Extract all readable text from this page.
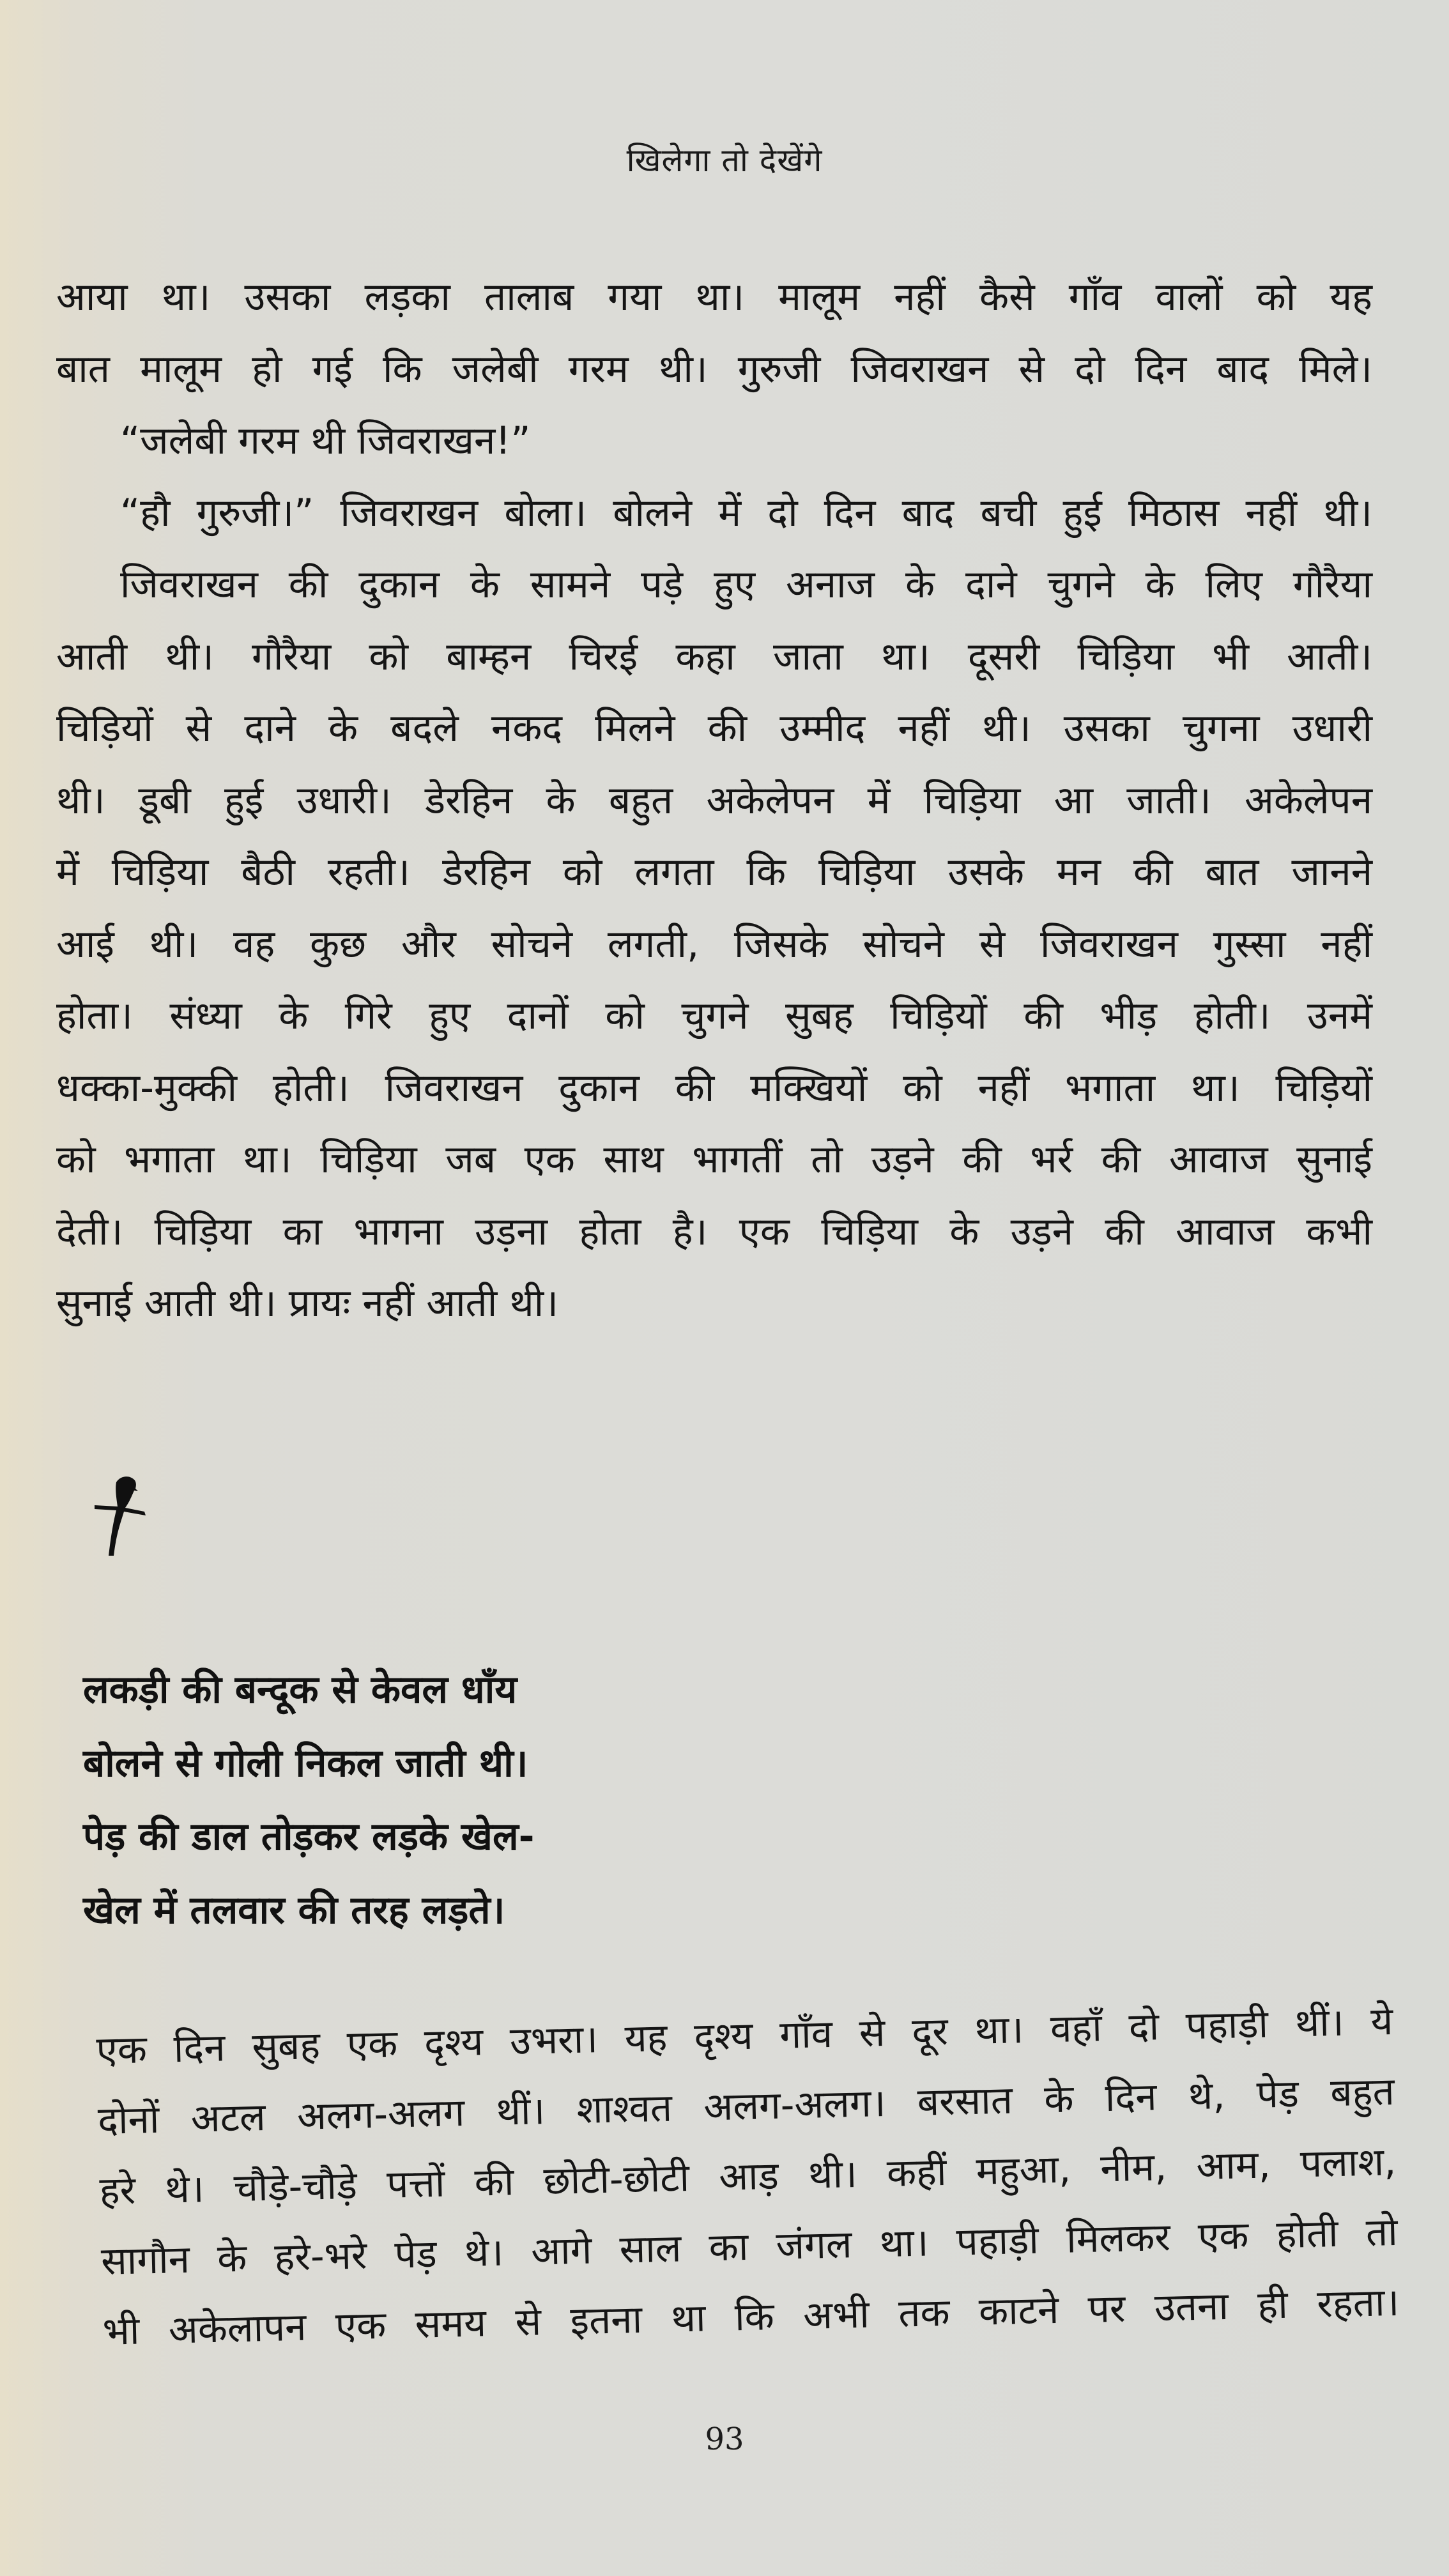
खिलेगा तो देखेंगे
आया था। उसका लड़का तालाब गया था। मालूम नहीं कैसे गाँव वालों को यह
बात मालूम हो गई कि जलेबी गरम थी। गुरुजी जिवराखन से दो दिन बाद मिले।
“जलेबी गरम थी जिवराखन!”
“हौ गुरुजी।” जिवराखन बोला। बोलने में दो दिन बाद बची हुई मिठास नहीं थी।
जिवराखन की दुकान के सामने पड़े हुए अनाज के दाने चुगने के लिए गौरैया
आती थी। गौरैया को बाम्हन चिरई कहा जाता था। दूसरी चिड़िया भी आती।
चिड़ियों से दाने के बदले नकद मिलने की उम्मीद नहीं थी। उसका चुगना उधारी
थी। डूबी हुई उधारी। डेरहिन के बहुत अकेलेपन में चिड़िया आ जाती। अकेलेपन
में चिड़िया बैठी रहती। डेरहिन को लगता कि चिड़िया उसके मन की बात जानने
आई थी। वह कुछ और सोचने लगती, जिसके सोचने से जिवराखन गुस्सा नहीं
होता। संध्या के गिरे हुए दानों को चुगने सुबह चिड़ियों की भीड़ होती। उनमें
धक्का-मुक्की होती। जिवराखन दुकान की मक्खियों को नहीं भगाता था। चिड़ियों
को भगाता था। चिड़िया जब एक साथ भागतीं तो उड़ने की भर्र की आवाज सुनाई
देती। चिड़िया का भागना उड़ना होता है। एक चिड़िया के उड़ने की आवाज कभी
सुनाई आती थी। प्रायः नहीं आती थी।
लकड़ी की बन्दूक से केवल धाँय
बोलने से गोली निकल जाती थी।
पेड़ की डाल तोड़कर लड़के खेल-
खेल में तलवार की तरह लड़ते।
एक दिन सुबह एक दृश्य उभरा। यह दृश्य गाँव से दूर था। वहाँ दो पहाड़ी थीं। ये
दोनों अटल अलग-अलग थीं। शाश्वत अलग-अलग। बरसात के दिन थे, पेड़ बहुत
हरे थे। चौड़े-चौड़े पत्तों की छोटी-छोटी आड़ थी। कहीं महुआ, नीम, आम, पलाश,
सागौन के हरे-भरे पेड़ थे। आगे साल का जंगल था। पहाड़ी मिलकर एक होती तो
भी अकेलापन एक समय से इतना था कि अभी तक काटने पर उतना ही रहता।
93
